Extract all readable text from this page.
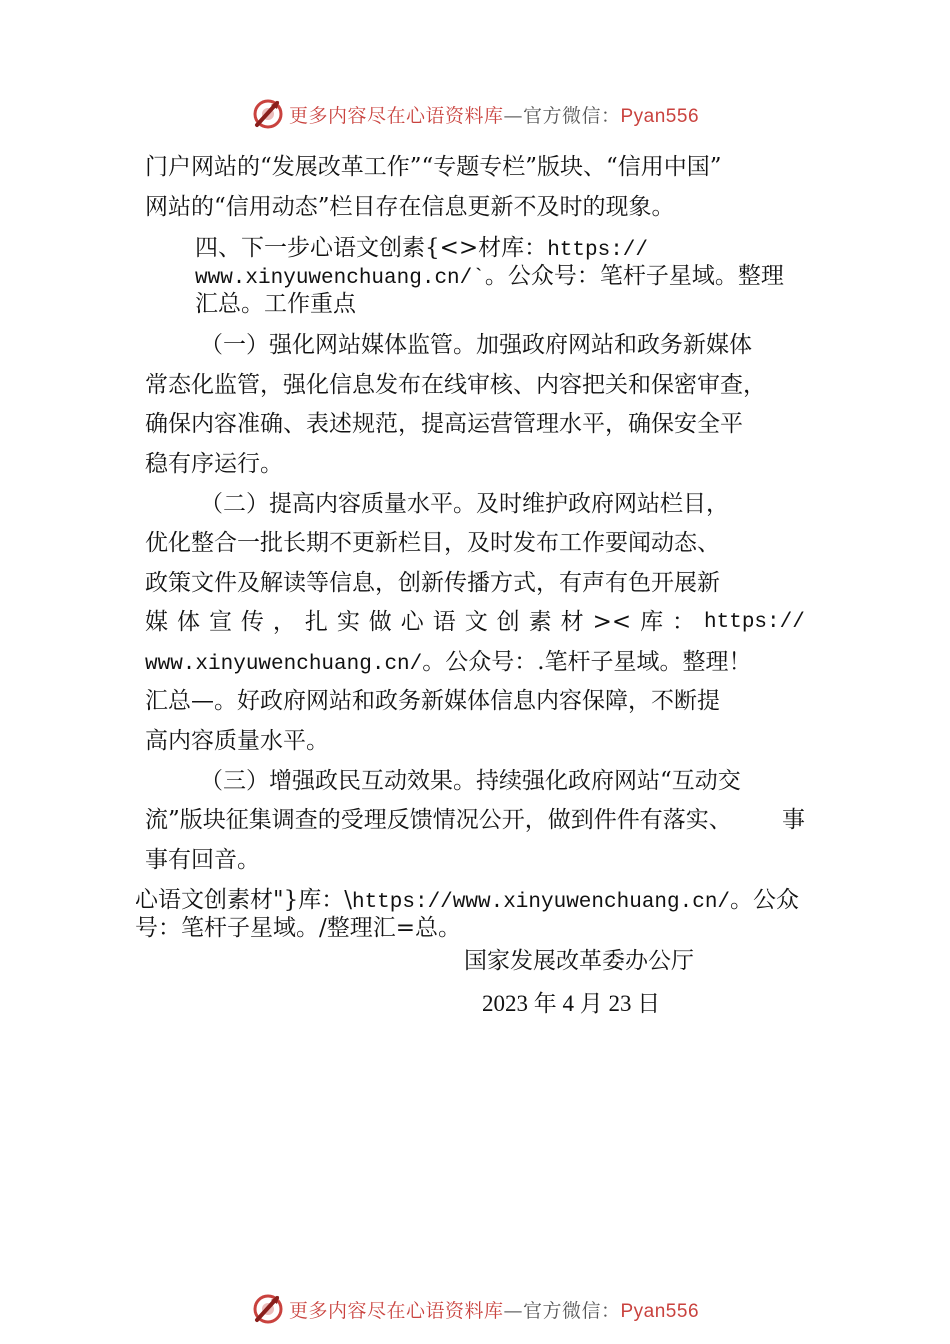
更多内容尽在心语资料库—官方微信：Pyan556

门户网站的“发展改革工作”“专题专栏”版块、“信用中国”

网站的“信用动态”栏目存在信息更新不及时的现象。

四、下一步心语文创素{<>材库：https://

www.xinyuwenchuang.cn/`。公众号：笔杆子星域。整理

汇总。工作重点

（一）强化网站媒体监管。加强政府网站和政务新媒体

常态化监管，强化信息发布在线审核、内容把关和保密审查，

确保内容准确、表述规范，提高运营管理水平，确保安全平

稳有序运行。

（二）提高内容质量水平。及时维护政府网站栏目，

优化整合一批长期不更新栏目，及时发布工作要闻动态、

政策文件及解读等信息，创新传播方式，有声有色开展新

媒 体 宣 传 ， 扎 实 做 心 语 文 创 素 材 >< 库 ： https://

www.xinyuwenchuang.cn/。公众号：.笔杆子星域。整理！

汇总—。好政府网站和政务新媒体信息内容保障，不断提

高内容质量水平。

（三）增强政民互动效果。持续强化政府网站“互动交

流”版块征集调查的受理反馈情况公开，做到件件有落实、 事

事有回音。

心语文创素材"}库：\https://www.xinyuwenchuang.cn/。公众

号：笔杆子星域。/整理汇=总。

国家发展改革委办公厅
2023 年 4 月 23 日
更多内容尽在心语资料库—官方微信：Pyan556
